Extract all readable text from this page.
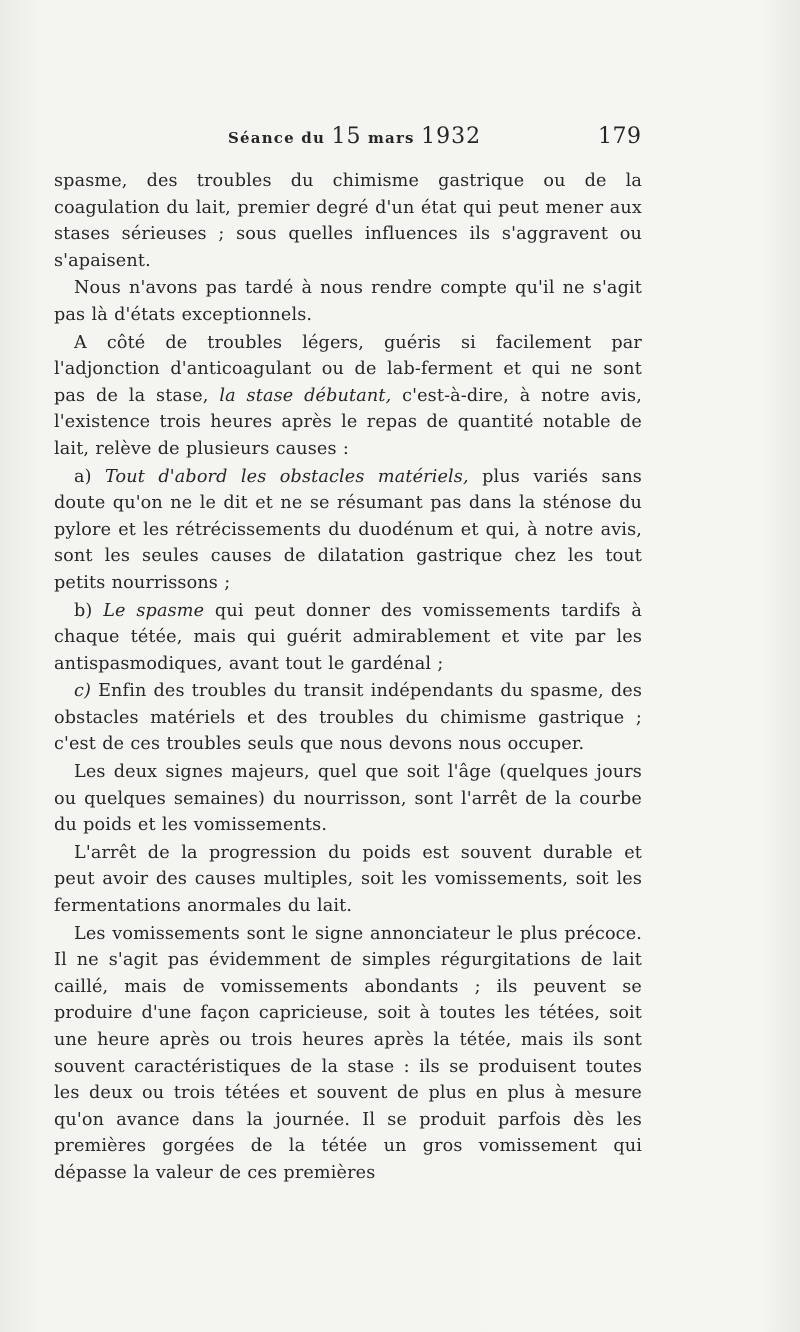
Séance du 15 mars 1932	179

spasme, des troubles du chimisme gastrique ou de la coagulation du lait, premier degré d'un état qui peut mener aux stases sérieuses ; sous quelles influences ils s'aggravent ou s'apaisent.

Nous n'avons pas tardé à nous rendre compte qu'il ne s'agit pas là d'états exceptionnels.

A côté de troubles légers, guéris si facilement par l'adjonction d'anticoagulant ou de lab-ferment et qui ne sont pas de la stase, la stase débutant, c'est-à-dire, à notre avis, l'existence trois heures après le repas de quantité notable de lait, relève de plusieurs causes :

a) Tout d'abord les obstacles matériels, plus variés sans doute qu'on ne le dit et ne se résumant pas dans la sténose du pylore et les rétrécissements du duodénum et qui, à notre avis, sont les seules causes de dilatation gastrique chez les tout petits nourrissons ;

b) Le spasme qui peut donner des vomissements tardifs à chaque tétée, mais qui guérit admirablement et vite par les antispasmodiques, avant tout le gardénal ;

c) Enfin des troubles du transit indépendants du spasme, des obstacles matériels et des troubles du chimisme gastrique ; c'est de ces troubles seuls que nous devons nous occuper.

Les deux signes majeurs, quel que soit l'âge (quelques jours ou quelques semaines) du nourrisson, sont l'arrêt de la courbe du poids et les vomissements.

L'arrêt de la progression du poids est souvent durable et peut avoir des causes multiples, soit les vomissements, soit les fermentations anormales du lait.

Les vomissements sont le signe annonciateur le plus précoce. Il ne s'agit pas évidemment de simples régurgitations de lait caillé, mais de vomissements abondants ; ils peuvent se produire d'une façon capricieuse, soit à toutes les tétées, soit une heure après ou trois heures après la tétée, mais ils sont souvent caractéristiques de la stase : ils se produisent toutes les deux ou trois tétées et souvent de plus en plus à mesure qu'on avance dans la journée. Il se produit parfois dès les premières gorgées de la tétée un gros vomissement qui dépasse la valeur de ces premières
